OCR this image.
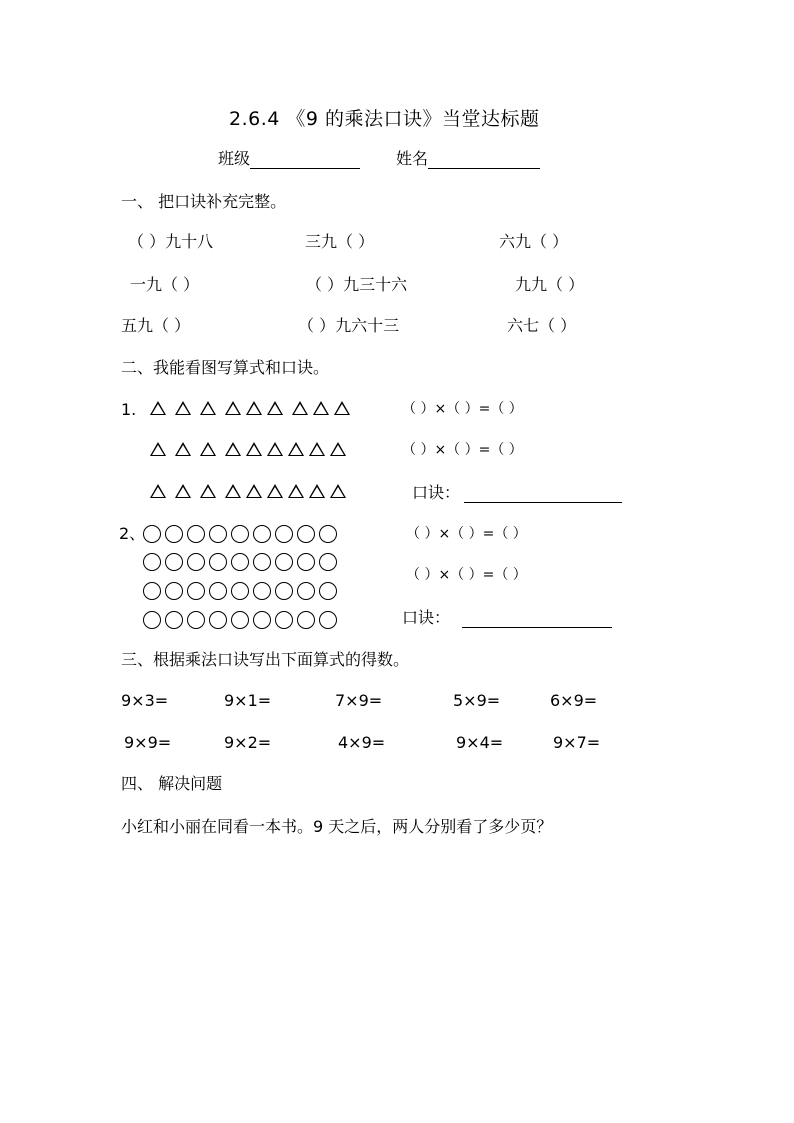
2.6.4 《9 的乘法口诀》当堂达标题
班级	姓名
一、 把口诀补充完整。
（ ）九十八	三九（ ）	六九（ ）
一九（ ）	（ ）九三十六	九九（ ）
五九（ ）	（ ）九六十三	六七（ ）
二、我能看图写算式和口诀。
1.	（ ）×（ ）=（ ）
（ ）×（ ）=（ ）
口诀：
2、	（ ）×（ ）=（ ）
（ ）×（ ）=（ ）
口诀：
三、根据乘法口诀写出下面算式的得数。
9×3=	9×1=	7×9=	5×9=	6×9=
9×9=	9×2=	4×9=	9×4=	9×7=
四、 解决问题
小红和小丽在同看一本书。9 天之后，两人分别看了多少页？
